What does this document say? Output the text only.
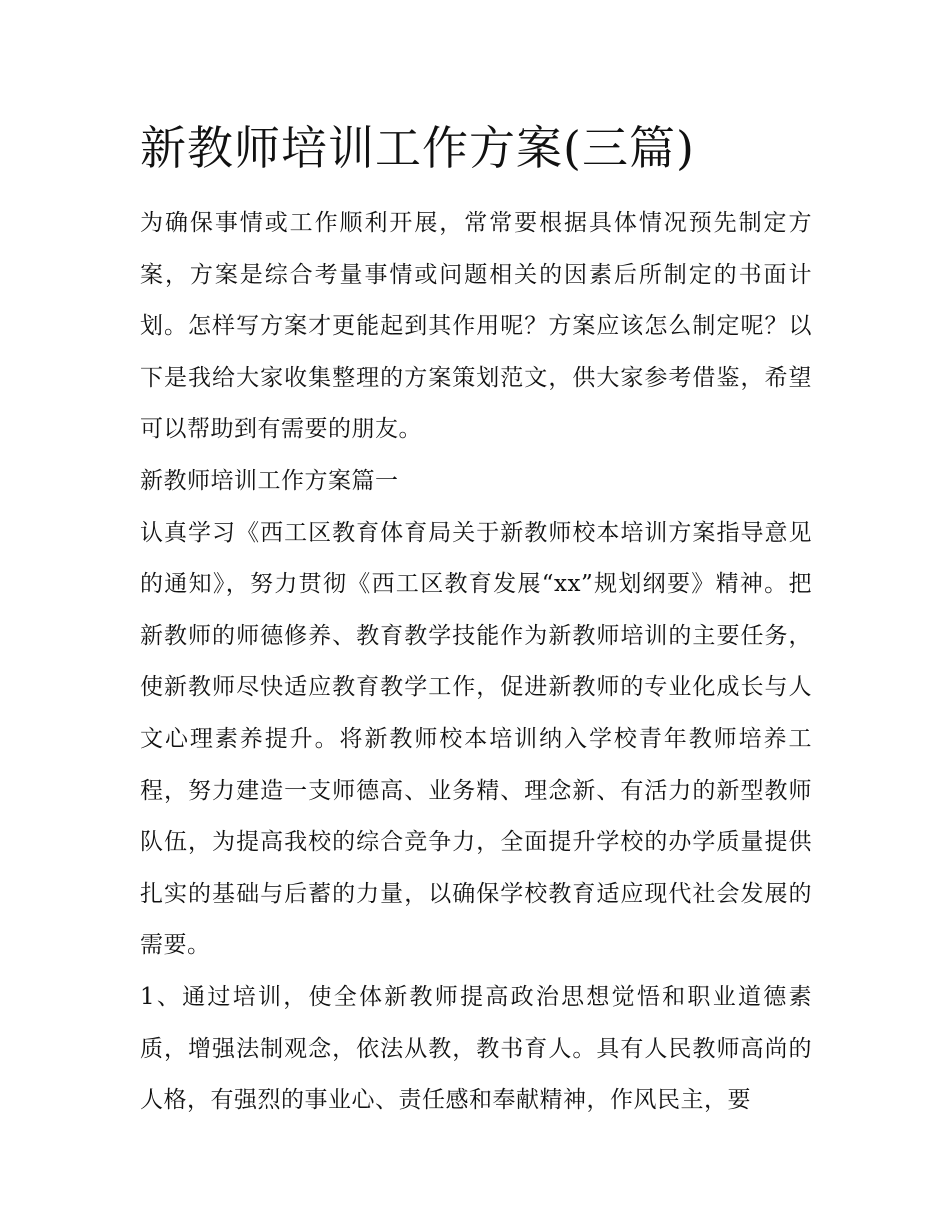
新教师培训工作方案(三篇)

为确保事情或工作顺利开展，常常要根据具体情况预先制定方案，方案是综合考量事情或问题相关的因素后所制定的书面计划。怎样写方案才更能起到其作用呢？方案应该怎么制定呢？以下是我给大家收集整理的方案策划范文，供大家参考借鉴，希望可以帮助到有需要的朋友。

新教师培训工作方案篇一

认真学习《西工区教育体育局关于新教师校本培训方案指导意见的通知》，努力贯彻《西工区教育发展“xx”规划纲要》精神。把新教师的师德修养、教育教学技能作为新教师培训的主要任务，使新教师尽快适应教育教学工作，促进新教师的专业化成长与人文心理素养提升。将新教师校本培训纳入学校青年教师培养工程，努力建造一支师德高、业务精、理念新、有活力的新型教师队伍，为提高我校的综合竞争力，全面提升学校的办学质量提供扎实的基础与后蓄的力量，以确保学校教育适应现代社会发展的需要。

1、通过培训，使全体新教师提高政治思想觉悟和职业道德素质，增强法制观念，依法从教，教书育人。具有人民教师高尚的人格，有强烈的事业心、责任感和奉献精神，作风民主，要
